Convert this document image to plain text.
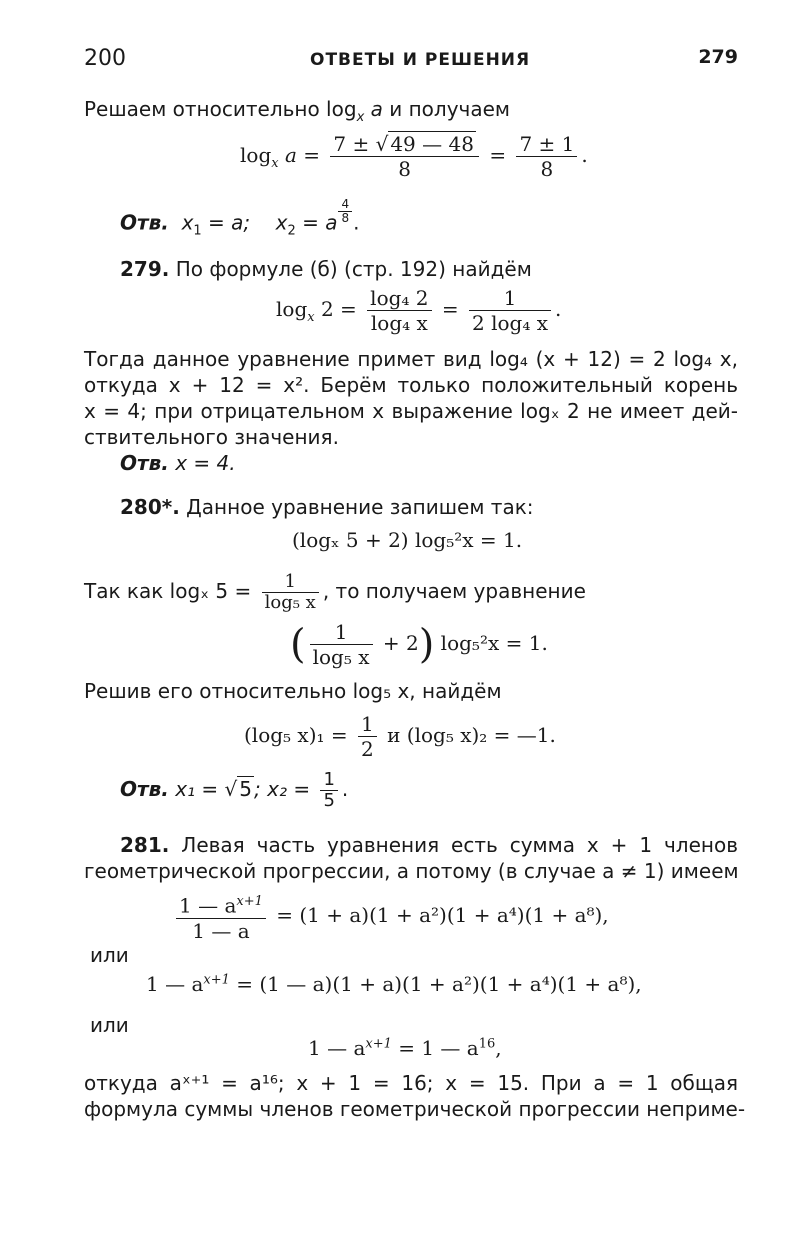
200	ОТВЕТЫ И РЕШЕНИЯ	279
Решаем относительно $\log_x a$ и получаем
$\log_x a = \frac{7 \pm √ 49 — 48}{8} = \frac{7 \pm 1}{8}$ .
Отв. $x_1 = a$; $x_2 = a \frac{4}{8}$ .
279. По формуле (б) (стр. 192) найдём
$\log_x 2 = \frac{\text{log₄ 2}}{\text{log₄ x}} = \frac{1}{\text{2 log₄ x}}$ .
Тогда данное уравнение примет вид log₄ (x + 12) = 2 log₄ x,
откуда x + 12 = x². Берём только положительный корень
x = 4; при отрицательном x выражение logₓ 2 не имеет дей-
ствительного значения.
Отв. x = 4.
280*. Данное уравнение запишем так:
(logₓ 5 + 2) log₅²x = 1.
Так как logₓ $5 = \frac{1}{\text{log₅ x}}$ , то получаем уравнение
( $\frac{1}{\text{log₅ x}} + 2$) log₅²x = 1.
Решив его относительно log₅ x, найдём
(log₅ $x)_1 = \frac{1}{2}$ и (log₅ x)₂ = —1.
Отв. x₁ = √ 5 ; $x_2 = \frac{1}{5}$ .
281. Левая часть уравнения есть сумма x + 1 членов
геометрической прогрессии, а потому (в случае a ≠ 1) имеем
$\frac{1 — a^{x+1}}{1 — a} = (1 + a)(1 + a^2)(1 + a^4)(1 + a^8)$,
или
1 — $a^{x+1} = (1$ — a)(1 + a)(1 + a²)(1 + a⁴)(1 + a⁸),
или
1 — $a^{x+1} = 1$ — $a^{16}$,
откуда aˣ⁺¹ = a¹⁶; x + 1 = 16; x = 15. При a = 1 общая
формула суммы членов геометрической прогрессии неприме-
